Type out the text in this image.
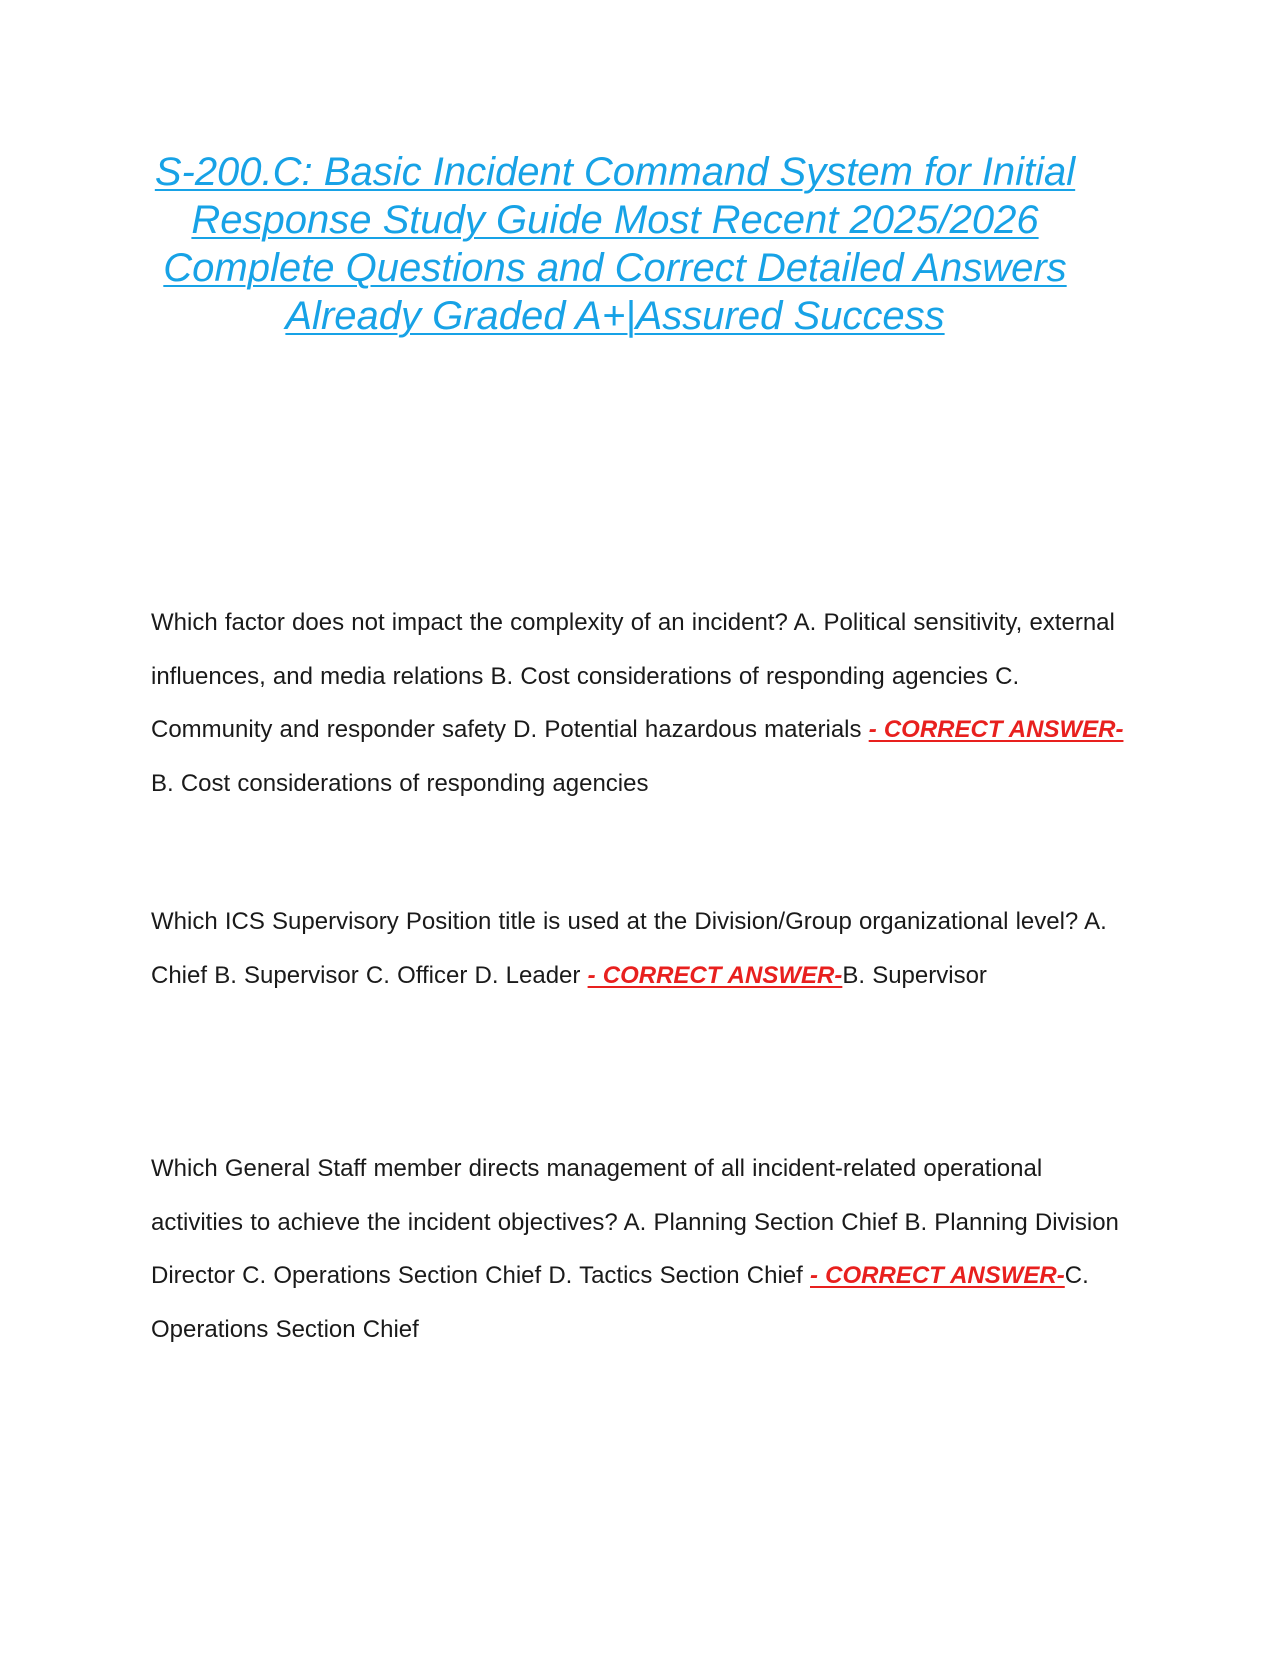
S-200.C: Basic Incident Command System for Initial Response Study Guide Most Recent 2025/2026 Complete Questions and Correct Detailed Answers Already Graded A+|Assured Success

Which factor does not impact the complexity of an incident? A. Political sensitivity, external influences, and media relations B. Cost considerations of responding agencies C. Community and responder safety D. Potential hazardous materials - CORRECT ANSWER-B. Cost considerations of responding agencies

Which ICS Supervisory Position title is used at the Division/Group organizational level? A. Chief B. Supervisor C. Officer D. Leader - CORRECT ANSWER-B. Supervisor

Which General Staff member directs management of all incident-related operational activities to achieve the incident objectives? A. Planning Section Chief B. Planning Division Director C. Operations Section Chief D. Tactics Section Chief - CORRECT ANSWER-C. Operations Section Chief
